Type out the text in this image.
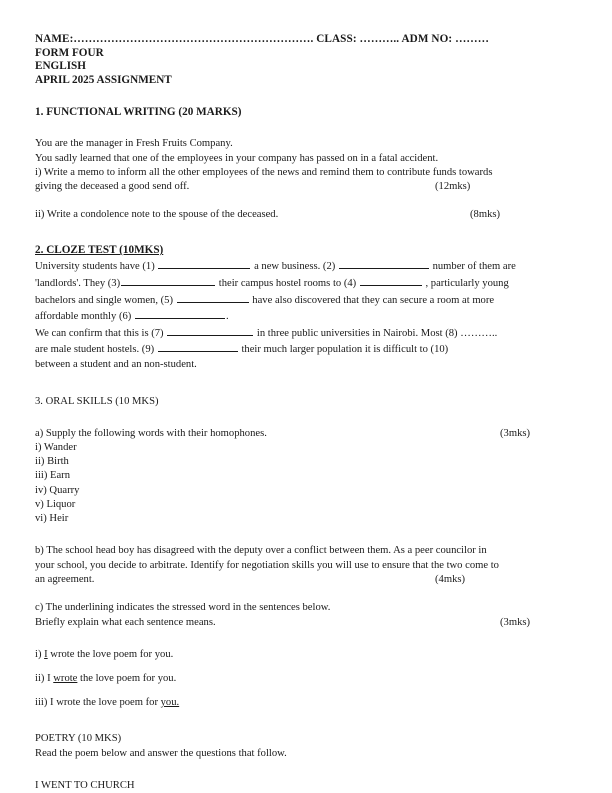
NAME:………………………………………………………. CLASS: ……….. ADM NO: ………
FORM FOUR
ENGLISH
APRIL 2025 ASSIGNMENT
1. FUNCTIONAL WRITING (20 MARKS)
You are the manager in Fresh Fruits Company.
You sadly learned that one of the employees in your company has passed on in a fatal accident.
i) Write a memo to inform all the other employees of the news and remind them to contribute funds towards
giving the deceased a good send off.	(12mks)
ii) Write a condolence note to the spouse of the deceased.	(8mks)
2. CLOZE TEST (10MKS)
University students have (1)	a new business. (2)	number of them are
'landlords'. They (3)	their campus hostel rooms to (4)	, particularly young
bachelors and single women, (5)	have also discovered that they can secure a room at more
affordable monthly (6)	.
We can confirm that this is (7)	in three public universities in Nairobi. Most (8) ………..
are male student hostels. (9)	their much larger population it is difficult to (10)
between a student and an non-student.
3. ORAL SKILLS (10 MKS)
a) Supply the following words with their homophones.	(3mks)
i) Wander
ii) Birth
iii) Earn
iv) Quarry
v) Liquor
vi) Heir
b) The school head boy has disagreed with the deputy over a conflict between them. As a peer councilor in
your school, you decide to arbitrate. Identify for negotiation skills you will use to ensure that the two come to
an agreement.	(4mks)
c) The underlining indicates the stressed word in the sentences below.
Briefly explain what each sentence means.	(3mks)
i) I wrote the love poem for you.
ii) I wrote the love poem for you.
iii) I wrote the love poem for you.
POETRY (10 MKS)
Read the poem below and answer the questions that follow.
I WENT TO CHURCH
